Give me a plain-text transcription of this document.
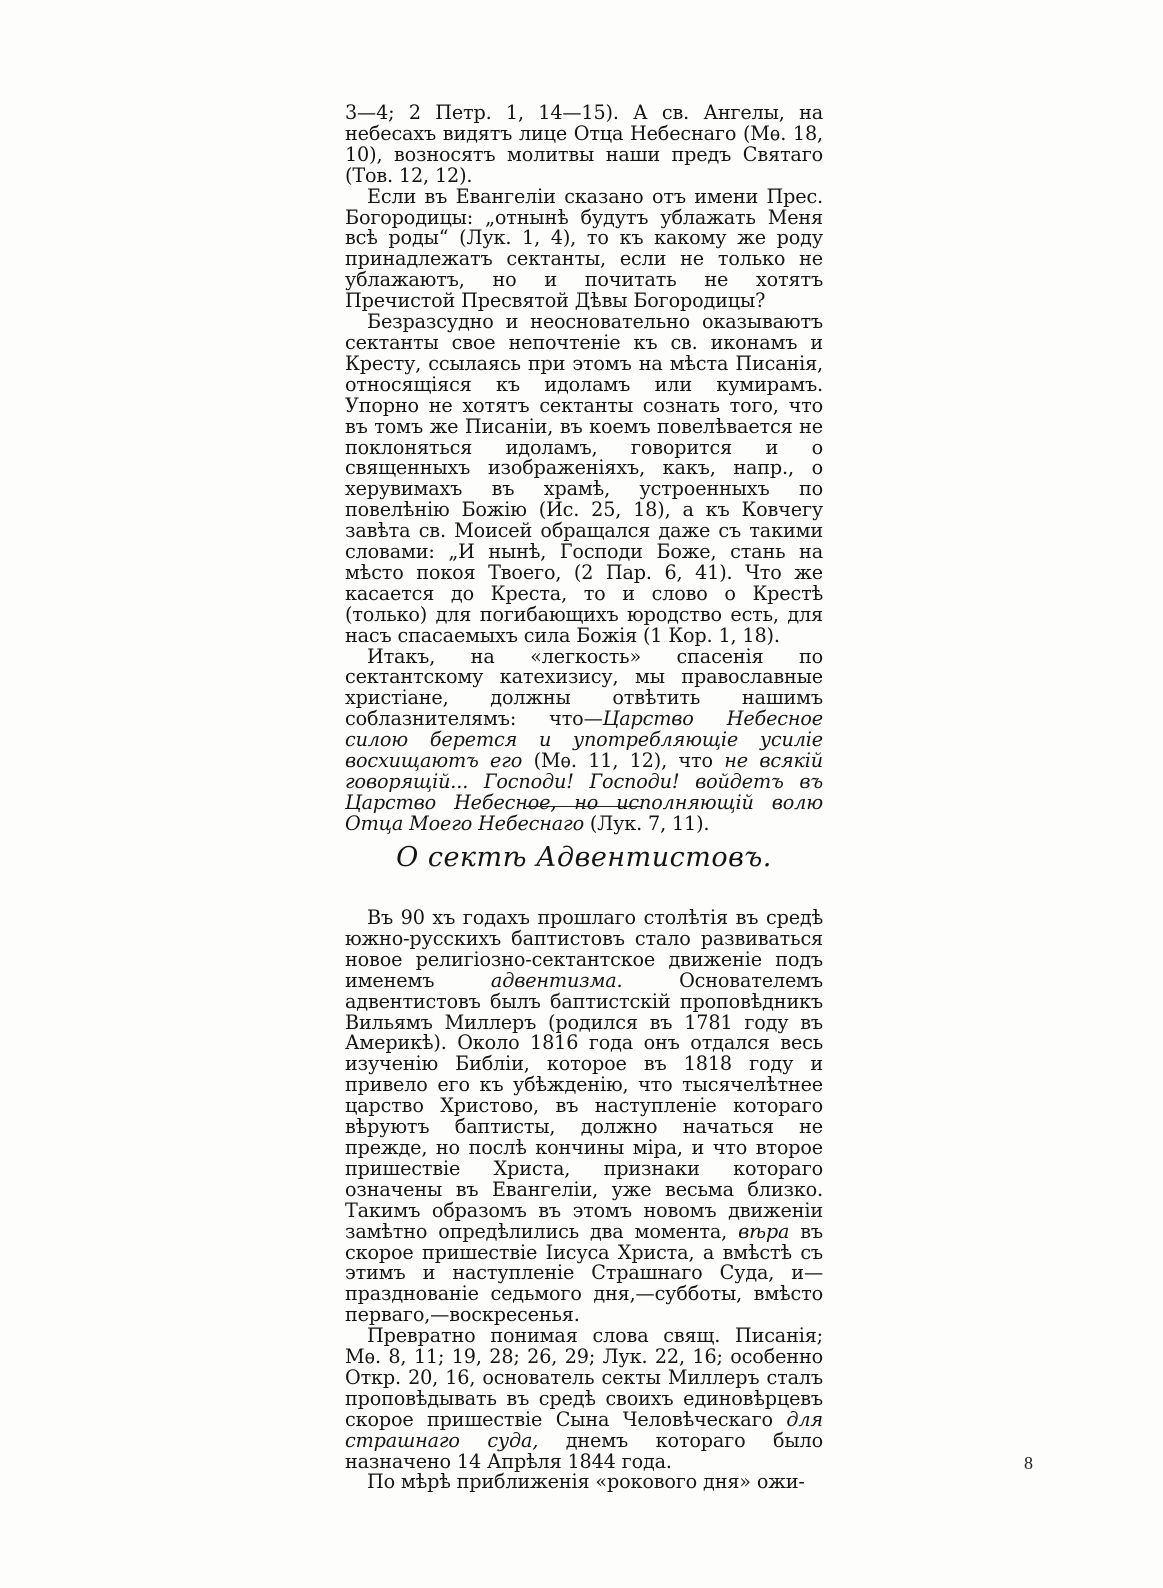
3—4; 2 Петр. 1, 14—15). А св. Ангелы, на небесахъ видятъ лице Отца Небеснаго (Мѳ. 18, 10), возносятъ молитвы наши предъ Святаго (Тов. 12, 12).

Если въ Евангеліи сказано отъ имени Прес. Богородицы: „отнынѣ будутъ ублажать Меня всѣ роды“ (Лук. 1, 4), то къ какому же роду принадлежатъ сектанты, если не только не ублажаютъ, но и почитать не хотятъ Пречистой Пресвятой Дѣвы Богородицы?

Безразсудно и неосновательно оказываютъ сектанты свое непочтеніе къ св. иконамъ и Кресту, ссылаясь при этомъ на мѣста Писанія, относящіяся къ идоламъ или кумирамъ. Упорно не хотятъ сектанты сознать того, что въ томъ же Писаніи, въ коемъ повелѣвается не поклоняться идоламъ, говорится и о священныхъ изображеніяхъ, какъ, напр., о херувимахъ въ храмѣ, устроенныхъ по повелѣнію Божію (Ис. 25, 18), а къ Ковчегу завѣта св. Моисей обращался даже съ такими словами: „И нынѣ, Господи Боже, стань на мѣсто покоя Твоего, (2 Пар. 6, 41). Что же касается до Креста, то и слово о Крестѣ (только) для погибающихъ юродство есть, для насъ спасаемыхъ сила Божія (1 Кор. 1, 18).

Итакъ, на «легкость» спасенія по сектантскому катехизису, мы православные христіане, должны отвѣтить нашимъ соблазнителямъ: что—Царство Небесное силою берется и употребляющіе усиліе восхищаютъ его (Мѳ. 11, 12), что не всякій говорящій... Господи! Господи! войдетъ въ Царство Небесное, но исполняющій волю Отца Моего Небеснаго (Лук. 7, 11).

О сектѣ Адвентистовъ.

Въ 90 хъ годахъ прошлаго столѣтія въ средѣ южно-русскихъ баптистовъ стало развиваться новое религіозно-сектантское движеніе подъ именемъ адвентизма. Основателемъ адвентистовъ былъ баптистскій проповѣдникъ Вильямъ Миллеръ (родился въ 1781 году въ Америкѣ). Около 1816 года онъ отдался весь изученію Библіи, которое въ 1818 году и привело его къ убѣжденію, что тысячелѣтнее царство Христово, въ наступленіе котораго вѣруютъ баптисты, должно начаться не прежде, но послѣ кончины міра, и что второе пришествіе Христа, признаки котораго означены въ Евангеліи, уже весьма близко. Такимъ образомъ въ этомъ новомъ движеніи замѣтно опредѣлились два момента, вѣра въ скорое пришествіе Іисуса Христа, а вмѣстѣ съ этимъ и наступленіе Страшнаго Суда, и—празднованіе седьмого дня,—субботы, вмѣсто перваго,—воскресенья.

Превратно понимая слова свящ. Писанія; Мѳ. 8, 11; 19, 28; 26, 29; Лук. 22, 16; особенно Откр. 20, 16, основатель секты Миллеръ сталъ проповѣдывать въ средѣ своихъ единовѣрцевъ скорое пришествіе Сына Человѣческаго для страшнаго суда, днемъ котораго было назначено 14 Апрѣля 1844 года.

По мѣрѣ приближенія «рокового дня» ожи-

8
